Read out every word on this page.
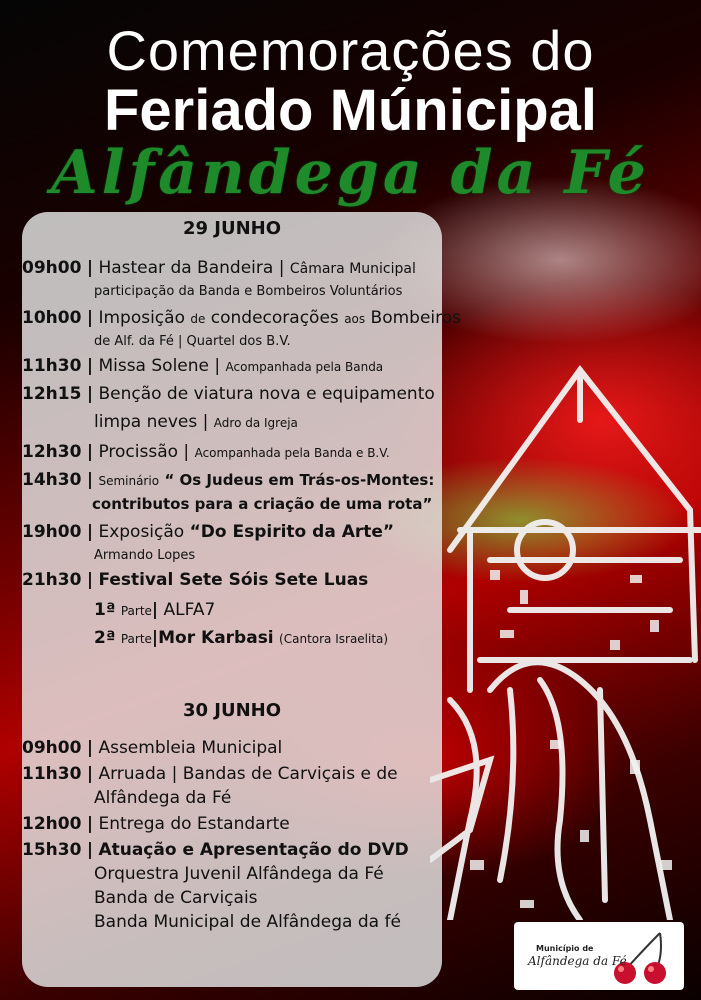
Comemorações do
Feriado Múnicipal
Alfândega da Fé
29 JUNHO
09h00 | Hastear da Bandeira | Câmara Municipal
participação da Banda e Bombeiros Voluntários
10h00 | Imposição de condecorações aos Bombeiros
de Alf. da Fé | Quartel dos B.V.
11h30 | Missa Solene | Acompanhada pela Banda
12h15 | Benção de viatura nova e equipamento
limpa neves | Adro da Igreja
12h30 | Procissão | Acompanhada pela Banda e B.V.
14h30 | Seminário “ Os Judeus em Trás-os-Montes:
contributos para a criação de uma rota”
19h00 | Exposição “Do Espirito da Arte”
Armando Lopes
21h30 | Festival Sete Sóis Sete Luas
1ª Parte| ALFA7
2ª Parte|Mor Karbasi (Cantora Israelita)
30 JUNHO
09h00 | Assembleia Municipal
11h30 | Arruada | Bandas de Carviçais e de
Alfândega da Fé
12h00 | Entrega do Estandarte
15h30 | Atuação e Apresentação do DVD
Orquestra Juvenil Alfândega da Fé
Banda de Carviçais
Banda Municipal de Alfândega da fé
Município de
Alfândega da Fé
